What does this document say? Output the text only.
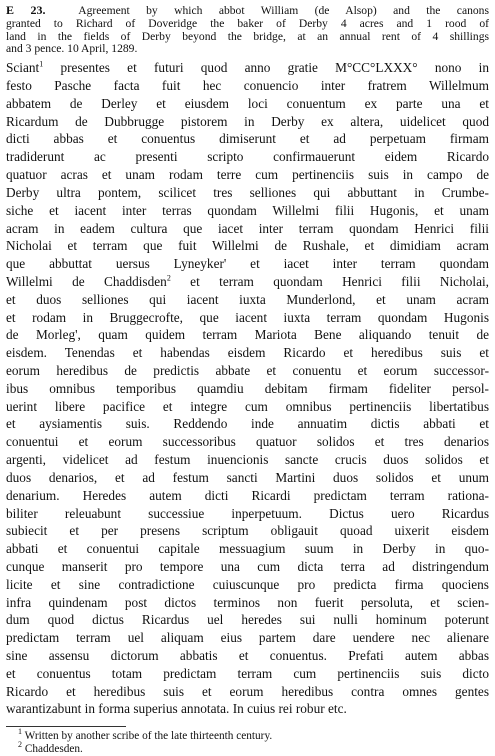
E 23.	Agreement by which abbot William (de Alsop) and the canons
granted to Richard of Doveridge the baker of Derby 4 acres and 1 rood of
land in the fields of Derby beyond the bridge, at an annual rent of 4 shillings
and 3 pence. 10 April, 1289.
Sciant$^1$ presentes et futuri quod anno gratie M°CC°LXXX° nono in
festo Pasche facta fuit hec conuencio inter fratrem Willelmum
abbatem de Derley et eiusdem loci conuentum ex parte una et
Ricardum de Dubbrugge pistorem in Derby ex altera, uidelicet quod
dicti abbas et conuentus dimiserunt et ad perpetuam firmam
tradiderunt ac presenti scripto confirmauerunt eidem Ricardo
quatuor acras et unam rodam terre cum pertinenciis suis in campo de
Derby ultra pontem, scilicet tres selliones qui abbuttant in Crumbe-
siche et iacent inter terras quondam Willelmi filii Hugonis, et unam
acram in eadem cultura que iacet inter terram quondam Henrici filii
Nicholai et terram que fuit Willelmi de Rushale, et dimidiam acram
que abbuttat uersus Lyneyker' et iacet inter terram quondam
Willelmi de Chaddisden$^2$ et terram quondam Henrici filii Nicholai,
et duos selliones qui iacent iuxta Munderlond, et unam acram
et rodam in Bruggecrofte, que iacent iuxta terram quondam Hugonis
de Morleg', quam quidem terram Mariota Bene aliquando tenuit de
eisdem. Tenendas et habendas eisdem Ricardo et heredibus suis et
eorum heredibus de predictis abbate et conuentu et eorum successor-
ibus omnibus temporibus quamdiu debitam firmam fideliter persol-
uerint libere pacifice et integre cum omnibus pertinenciis libertatibus
et aysiamentis suis. Reddendo inde annuatim dictis abbati et
conuentui et eorum successoribus quatuor solidos et tres denarios
argenti, videlicet ad festum inuencionis sancte crucis duos solidos et
duos denarios, et ad festum sancti Martini duos solidos et unum
denarium. Heredes autem dicti Ricardi predictam terram rationa-
biliter releuabunt successiue inperpetuum. Dictus uero Ricardus
subiecit et per presens scriptum obligauit quoad uixerit eisdem
abbati et conuentui capitale messuagium suum in Derby in quo-
cunque manserit pro tempore una cum dicta terra ad distringendum
licite et sine contradictione cuiuscunque pro predicta firma quociens
infra quindenam post dictos terminos non fuerit persoluta, et scien-
dum quod dictus Ricardus uel heredes sui nulli hominum poterunt
predictam terram uel aliquam eius partem dare uendere nec alienare
sine assensu dictorum abbatis et conuentus. Prefati autem abbas
et conuentus totam predictam terram cum pertinenciis suis dicto
Ricardo et heredibus suis et eorum heredibus contra omnes gentes
warantizabunt in forma superius annotata. In cuius rei robur etc.
$^1$ Written by another scribe of the late thirteenth century.
$^2$ Chaddesden.
